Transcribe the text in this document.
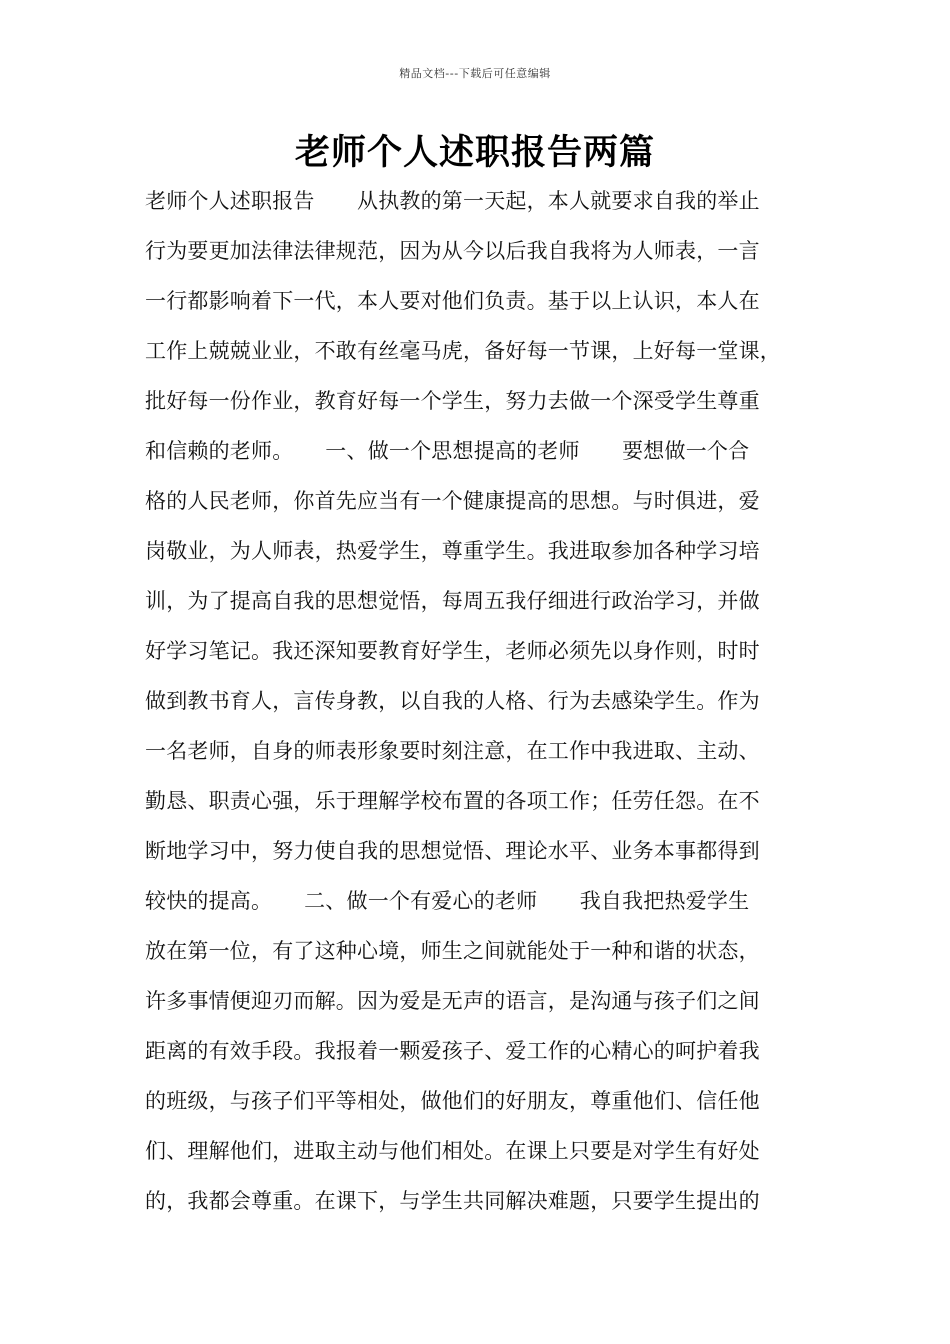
精品文档---下载后可任意编辑
老师个人述职报告两篇
老师个人述职报告　　从执教的第一天起，本人就要求自我的举止
行为要更加法律法律规范，因为从今以后我自我将为人师表，一言
一行都影响着下一代，本人要对他们负责。基于以上认识，本人在
工作上兢兢业业，不敢有丝毫马虎，备好每一节课，上好每一堂课，
批好每一份作业，教育好每一个学生，努力去做一个深受学生尊重
和信赖的老师。　　一、做一个思想提高的老师　　要想做一个合
格的人民老师，你首先应当有一个健康提高的思想。与时俱进，爱
岗敬业，为人师表，热爱学生，尊重学生。我进取参加各种学习培
训，为了提高自我的思想觉悟，每周五我仔细进行政治学习，并做
好学习笔记。我还深知要教育好学生，老师必须先以身作则，时时
做到教书育人，言传身教，以自我的人格、行为去感染学生。作为
一名老师，自身的师表形象要时刻注意，在工作中我进取、主动、
勤恳、职责心强，乐于理解学校布置的各项工作；任劳任怨。在不
断地学习中，努力使自我的思想觉悟、理论水平、业务本事都得到
较快的提高。　　二、做一个有爱心的老师　　我自我把热爱学生
放在第一位，有了这种心境，师生之间就能处于一种和谐的状态，
许多事情便迎刃而解。因为爱是无声的语言，是沟通与孩子们之间
距离的有效手段。我报着一颗爱孩子、爱工作的心精心的呵护着我
的班级，与孩子们平等相处，做他们的好朋友，尊重他们、信任他
们、理解他们，进取主动与他们相处。在课上只要是对学生有好处
的，我都会尊重。在课下，与学生共同解决难题，只要学生提出的
